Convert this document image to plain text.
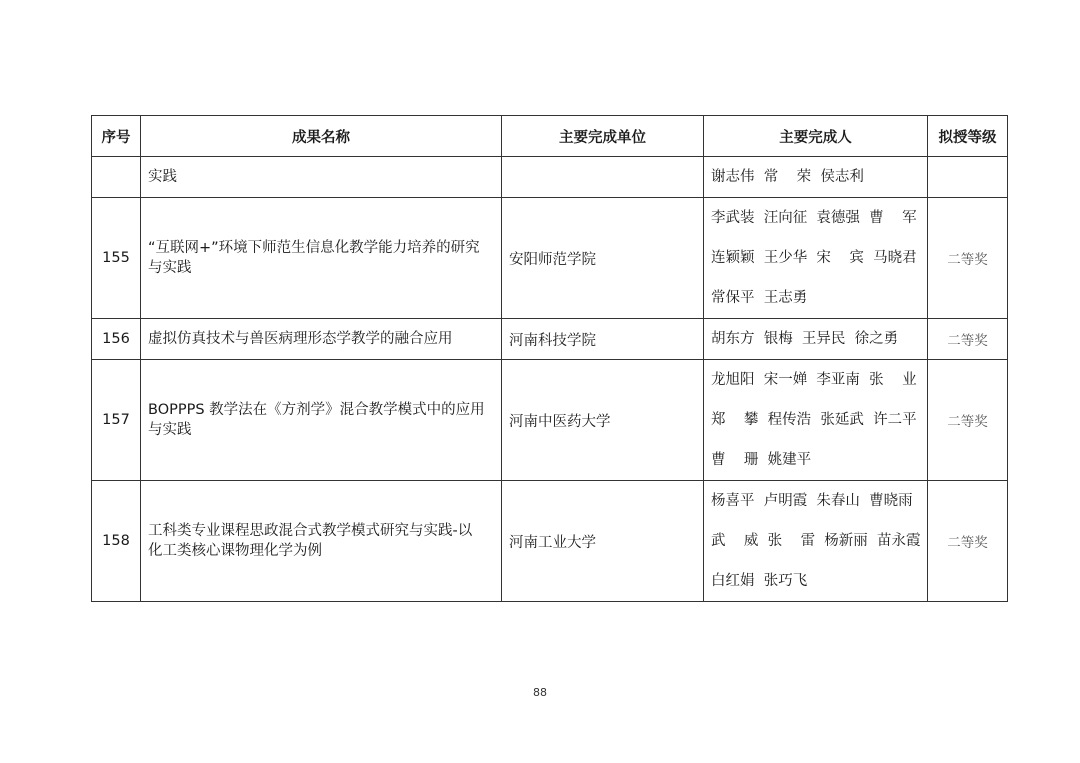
序号	成果名称	主要完成单位	主要完成人	拟授等级

	实践		谢志伟  常    荣  侯志利	

155	“互联网+”环境下师范生信息化教学能力培养的研究
与实践	安阳师范学院	李武装  汪向征  袁德强  曹    军
连颖颖  王少华  宋    宾  马晓君
常保平  王志勇	二等奖
156	虚拟仿真技术与兽医病理形态学教学的融合应用	河南科技学院	胡东方  银梅  王异民  徐之勇	二等奖
157	BOPPPS 教学法在《方剂学》混合教学模式中的应用
与实践	河南中医药大学	龙旭阳  宋一婵  李亚南  张    业
郑    攀  程传浩  张延武  许二平
曹    珊  姚建平	二等奖
158	工科类专业课程思政混合式教学模式研究与实践-以
化工类核心课物理化学为例	河南工业大学	杨喜平  卢明霞  朱春山  曹晓雨
武    威  张    雷  杨新丽  苗永霞
白红娟  张巧飞	二等奖
88
